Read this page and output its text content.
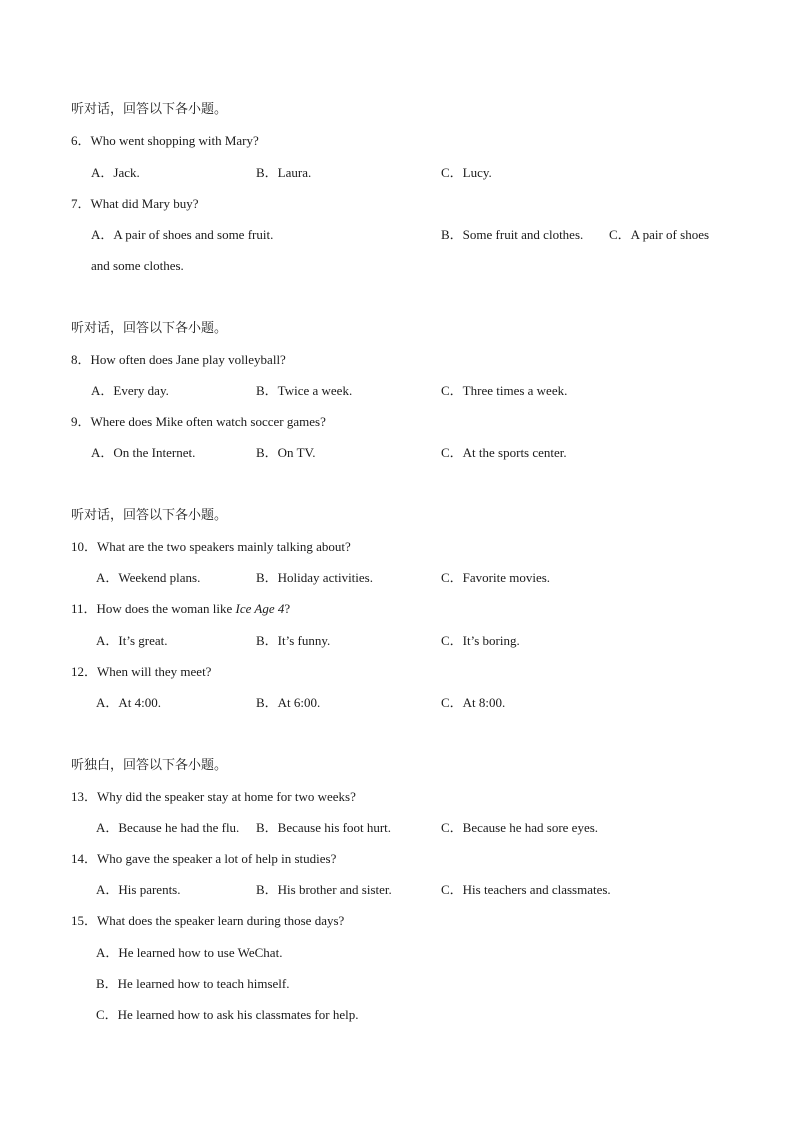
听对话，回答以下各小题。
6．Who went shopping with Mary?
A．Jack.	B．Laura.	C．Lucy.
7．What did Mary buy?
A．A pair of shoes and some fruit.	B．Some fruit and clothes. C．A pair of shoes
and some clothes.
听对话，回答以下各小题。
8．How often does Jane play volleyball?
A．Every day.	B．Twice a week.	C．Three times a week.
9．Where does Mike often watch soccer games?
A．On the Internet.	B．On TV.	C．At the sports center.
听对话，回答以下各小题。
10．What are the two speakers mainly talking about?
A．Weekend plans.	B．Holiday activities.	C．Favorite movies.
11．How does the woman like Ice Age 4?
A．It’s great.	B．It’s funny.	C．It’s boring.
12．When will they meet?
A．At 4:00.	B．At 6:00.	C．At 8:00.
听独白，回答以下各小题。
13．Why did the speaker stay at home for two weeks?
A．Because he had the flu. B．Because his foot hurt.	C．Because he had sore eyes.
14．Who gave the speaker a lot of help in studies?
A．His parents.	B．His brother and sister.	C．His teachers and classmates.
15．What does the speaker learn during those days?
A．He learned how to use WeChat.
B．He learned how to teach himself.
C．He learned how to ask his classmates for help.
